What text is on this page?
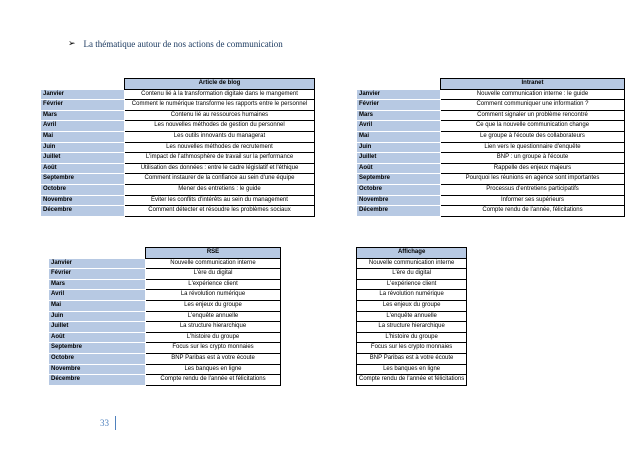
➢ La thématique autour de nos actions de communication
	Article de blog
Janvier	Contenu lié à la transformation digitale dans le mangement
Février	Comment le numérique transforme les rapports entre le personnel
Mars	Contenu lié au ressources humaines
Avril	Les nouvelles méthodes de gestion du personnel
Mai	Les outils innovants du managerat
Juin	Les nouvelles méthodes de recrutement
Juillet	L'impact de l'athmosphère de travail sur la performance
Août	Utilisation des données : entre le cadre législatif et l'éthique
Septembre	Comment instaurer de la confiance au sein d'une équipe
Octobre	Mener des entretiens : le guide
Novembre	Eviter les conflits d'intérêts au sein du management
Décembre	Comment détecter et résoudre les problèmes sociaux
	Intranet
Janvier	Nouvelle communication interne : le guide
Février	Comment communiquer une information ?
Mars	Comment signaler un problème rencontré
Avril	Ce que la nouvelle communication change
Mai	Le groupe à l'écoute des collaborateurs
Juin	Lien vers le questionnaire d'enquête
Juillet	BNP : un groupe à l'écoute
Août	Rappelle des enjeux majeurs
Septembre	Pourquoi les réunions en agence sont importantes
Octobre	Processus d'entretiens participatifs
Novembre	Informer ses supérieurs
Décembre	Compte rendu de l'année, félicitations
	RSE
Janvier	Nouvelle communication interne
Février	L'ère du digital
Mars	L'expérience client
Avril	La révolution numérique
Mai	Les enjeux du groupe
Juin	L'enquête annuelle
Juillet	La structure hierarchique
Août	L'histoire du groupe
Septembre	Focus sur les crypto monnaies
Octobre	BNP Paribas est à votre écoute
Novembre	Les banques en ligne
Décembre	Compte rendu de l'année et félicitations
Affichage
Nouvelle communication interne
L'ère du digital
L'expérience client
La révolution numérique
Les enjeux du groupe
L'enquête annuelle
La structure hierarchique
L'histoire du groupe
Focus sur les crypto monnaies
BNP Paribas est à votre écoute
Les banques en ligne
Compte rendu de l'année et félicitations
33
